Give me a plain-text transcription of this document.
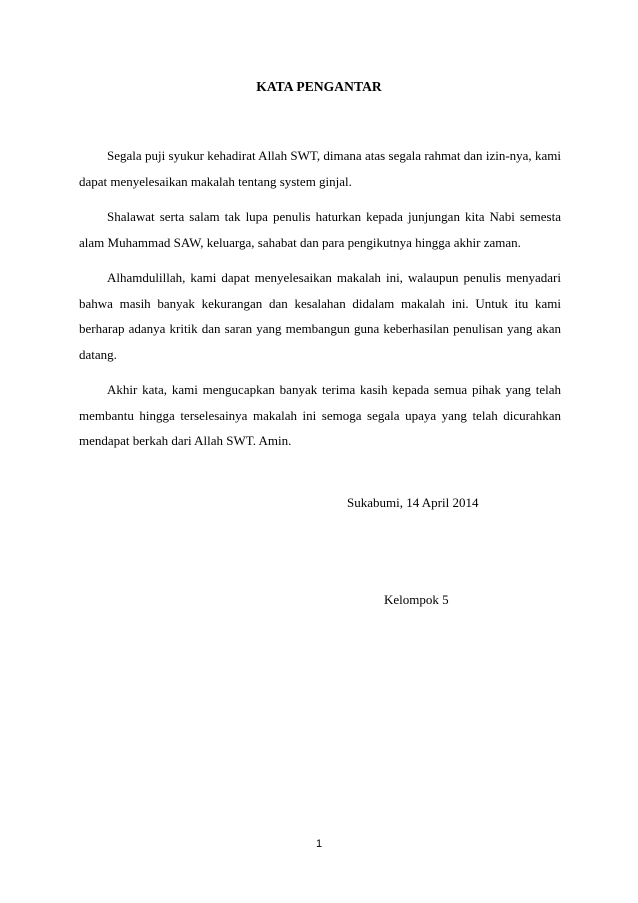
KATA PENGANTAR

Segala puji syukur kehadirat Allah SWT, dimana atas segala rahmat dan izin-nya, kami dapat menyelesaikan makalah tentang system ginjal.

Shalawat serta salam tak lupa penulis haturkan kepada junjungan kita Nabi semesta alam Muhammad SAW, keluarga, sahabat dan para pengikutnya hingga akhir zaman.

Alhamdulillah, kami dapat menyelesaikan makalah ini, walaupun penulis menyadari bahwa masih banyak kekurangan dan kesalahan didalam makalah ini. Untuk itu kami berharap adanya kritik dan saran yang membangun guna keberhasilan penulisan yang akan datang.

Akhir kata, kami mengucapkan banyak terima kasih kepada semua pihak yang telah membantu hingga terselesainya makalah ini semoga segala upaya yang telah dicurahkan mendapat berkah dari Allah SWT. Amin.

Sukabumi, 14 April 2014
Kelompok 5
1
